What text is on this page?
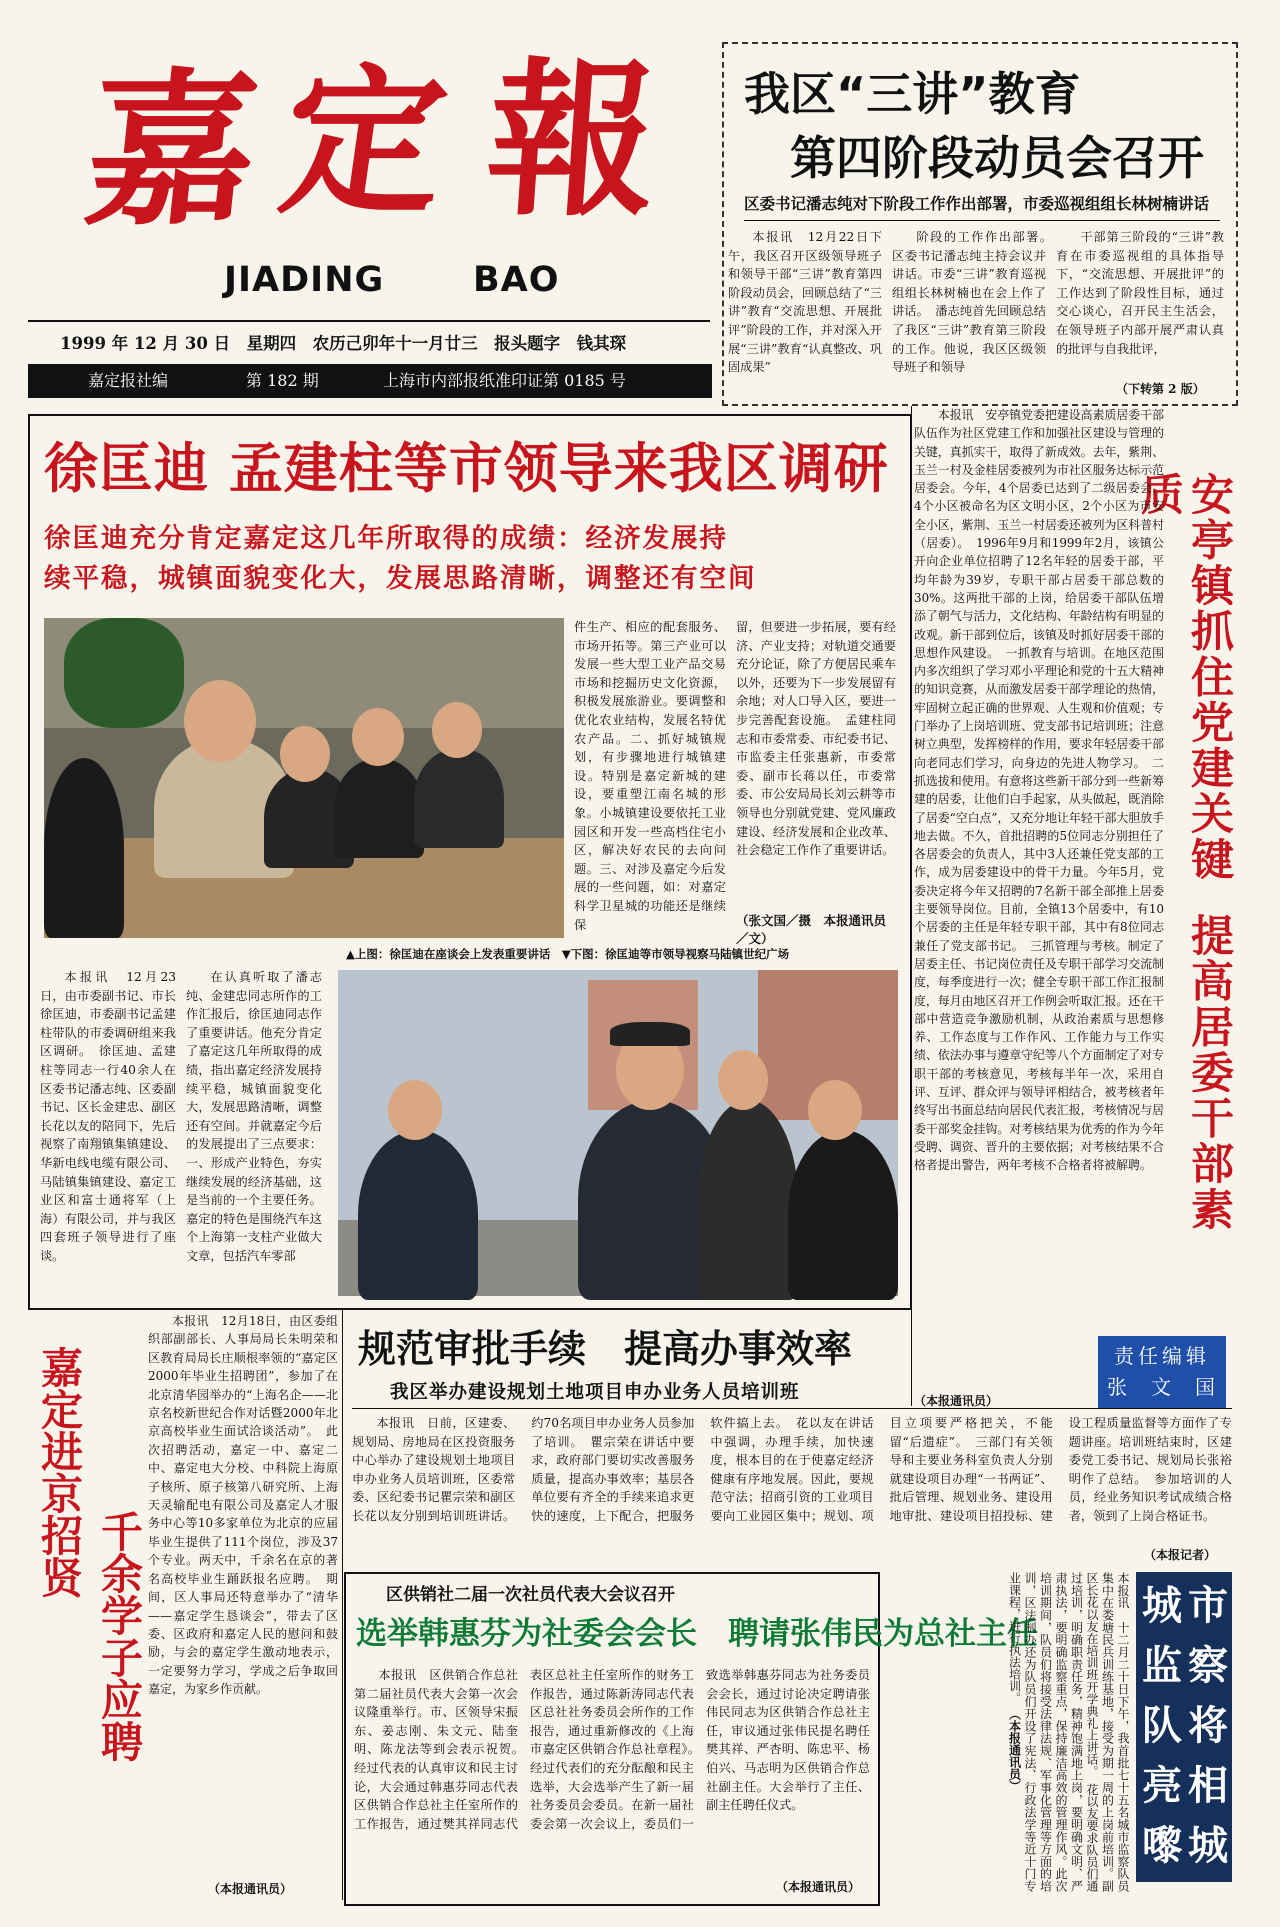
嘉 定 報
JIADING	BAO
1999 年 12 月 30 日　星期四　农历己卯年十一月廿三　报头题字　钱其琛
嘉定报社编	第 182 期	上海市内部报纸准印证第 0185 号
我区“三讲”教育
第四阶段动员会召开
区委书记潘志纯对下阶段工作作出部署，市委巡视组组长林树楠讲话

本报讯　12月22日下午，我区召开区级领导班子和领导干部“三讲”教育第四阶段动员会，回顾总结了“三讲”教育“交流思想、开展批评”阶段的工作，并对深入开展“三讲”教育“认真整改、巩固成果”

阶段的工作作出部署。　区委书记潘志纯主持会议并讲话。市委“三讲”教育巡视组组长林树楠也在会上作了讲话。　潘志纯首先回顾总结了我区“三讲”教育第三阶段的工作。他说，我区区级领导班子和领导

干部第三阶段的“三讲”教育在市委巡视组的具体指导下，“交流思想、开展批评”的工作达到了阶段性目标，通过交心谈心，召开民主生活会，在领导班子内部开展严肃认真的批评与自我批评，

（下转第 2 版）
徐匡迪 孟建柱等市领导来我区调研
徐匡迪充分肯定嘉定这几年所取得的成绩：经济发展持
续平稳，城镇面貌变化大，发展思路清晰，调整还有空间

件生产、相应的配套服务、市场开拓等。第三产业可以发展一些大型工业产品交易市场和挖掘历史文化资源，积极发展旅游业。要调整和优化农业结构，发展名特优农产品。二、抓好城镇规划，有步骤地进行城镇建设。特别是嘉定新城的建设，要重塑江南名城的形象。小城镇建设要依托工业园区和开发一些高档住宅小区，解决好农民的去向问题。三、对涉及嘉定今后发展的一些问题，如：对嘉定科学卫星城的功能还是继续保

留，但要进一步拓展，要有经济、产业支持；对轨道交通要充分论证，除了方便居民乘车以外，还要为下一步发展留有余地；对人口导入区，要进一步完善配套设施。　孟建柱同志和市委常委、市纪委书记、市监委主任张惠新，市委常委、副市长蒋以任，市委常委、市公安局局长刘云耕等市领导也分别就党建、党风廉政建设、经济发展和企业改革、社会稳定工作作了重要讲话。

（张文国／摄　本报通讯员／文）
▲上图：徐匡迪在座谈会上发表重要讲话　▼下图：徐匡迪等市领导视察马陆镇世纪广场

本报讯　12月23日，由市委副书记、市长徐匡迪，市委副书记孟建柱带队的市委调研组来我区调研。　徐匡迪、孟建柱等同志一行40余人在区委书记潘志纯、区委副书记、区长金建忠、副区长花以友的陪同下，先后视察了南翔镇集镇建设、华新电线电缆有限公司、马陆镇集镇建设、嘉定工业区和富士通将军（上海）有限公司，并与我区四套班子领导进行了座谈。

在认真听取了潘志纯、金建忠同志所作的工作汇报后，徐匡迪同志作了重要讲话。他充分肯定了嘉定这几年所取得的成绩，指出嘉定经济发展持续平稳，城镇面貌变化大，发展思路清晰，调整还有空间。并就嘉定今后的发展提出了三点要求：一、形成产业特色，夯实继续发展的经济基础，这是当前的一个主要任务。嘉定的特色是围绕汽车这个上海第一支柱产业做大文章，包括汽车零部

安亭镇抓住党建关键提高居委干部素质

本报讯　安亭镇党委把建设高素质居委干部队伍作为社区党建工作和加强社区建设与管理的关键，真抓实干，取得了新成效。去年，紫荆、玉兰一村及金桂居委被列为市社区服务达标示范居委会。今年，4个居委已达到了二级居委会，4个小区被命名为区文明小区，2个小区为市安全小区，紫荆、玉兰一村居委还被列为区科普村（居委）。　1996年9月和1999年2月，该镇公开向企业单位招聘了12名年轻的居委干部，平均年龄为39岁，专职干部占居委干部总数的30%。这两批干部的上岗，给居委干部队伍增添了朝气与活力，文化结构、年龄结构有明显的改观。新干部到位后，该镇及时抓好居委干部的思想作风建设。　一抓教育与培训。在地区范围内多次组织了学习邓小平理论和党的十五大精神的知识竞赛，从而激发居委干部学理论的热情，牢固树立起正确的世界观、人生观和价值观；专门举办了上岗培训班、党支部书记培训班；注意树立典型，发挥榜样的作用，要求年轻居委干部向老同志们学习，向身边的先进人物学习。　二抓选拔和使用。有意将这些新干部分到一些新筹建的居委，让他们白手起家，从头做起，既消除了居委“空白点”，又充分地让年轻干部大胆放手地去做。不久，首批招聘的5位同志分别担任了各居委会的负责人，其中3人还兼任党支部的工作，成为居委建设中的骨干力量。今年5月，党委决定将今年又招聘的7名新干部全部推上居委主要领导岗位。目前，全镇13个居委中，有10个居委的主任是年轻专职干部，其中有8位同志兼任了党支部书记。　三抓管理与考核。制定了居委主任、书记岗位责任及专职干部学习交流制度，每季度进行一次；健全专职干部工作汇报制度，每月由地区召开工作例会听取汇报。还在干部中营造竞争激励机制，从政治素质与思想修养、工作态度与工作作风、工作能力与工作实绩、依法办事与遵章守纪等八个方面制定了对专职干部的考核意见，考核每半年一次，采用自评、互评、群众评与领导评相结合，被考核者年终写出书面总结向居民代表汇报，考核情况与居委干部奖金挂钩。对考核结果为优秀的作为今年受聘、调资、晋升的主要依据；对考核结果不合格者提出警告，两年考核不合格者将被解聘。

（本报通讯员）
责任编辑
张　文　国
嘉定进京招贤
千余学子应聘

本报讯　12月18日，由区委组织部副部长、人事局局长朱明荣和区教育局局长庄顺根率领的“嘉定区2000年毕业生招聘团”，参加了在北京清华园举办的“上海名企——北京名校新世纪合作对话暨2000年北京高校毕业生面试洽谈活动”。　此次招聘活动，嘉定一中、嘉定二中、嘉定电大分校、中科院上海原子核所、原子核第八研究所、上海天灵输配电有限公司及嘉定人才服务中心等10多家单位为北京的应届毕业生提供了111个岗位，涉及37个专业。两天中，千余名在京的著名高校毕业生踊跃报名应聘。　期间，区人事局还特意举办了“清华——嘉定学生恳谈会”，带去了区委、区政府和嘉定人民的慰问和鼓励，与会的嘉定学生激动地表示，一定要努力学习，学成之后争取回嘉定，为家乡作贡献。

（本报通讯员）
规范审批手续　提高办事效率
我区举办建设规划土地项目申办业务人员培训班

本报讯　日前，区建委、规划局、房地局在区投资服务中心举办了建设规划土地项目申办业务人员培训班，区委常委、区纪委书记瞿宗荣和副区长花以友分别到培训班讲话。约70名项目申办业务人员参加了培训。　瞿宗荣在讲话中要求，政府部门要切实改善服务质量，提高办事效率；基层各单位要有齐全的手续来追求更快的速度，上下配合，把服务软件搞上去。　花以友在讲话中强调，办理手续，加快速度，根本目的在于使嘉定经济健康有序地发展。因此，要规范守法；招商引资的工业项目要向工业园区集中；规划、项目立项要严格把关，不能留“后遗症”。　三部门有关领导和主要业务科室负责人分别就建设项目办理“一书两证”、批后管理、规划业务、建设用地审批、建设项目招投标、建设工程质量监督等方面作了专题讲座。培训班结束时，区建委党工委书记、规划局长张裕明作了总结。　参加培训的人员，经业务知识考试成绩合格者，领到了上岗合格证书。

（本报记者）
区供销社二届一次社员代表大会议召开
选举韩惠芬为社委会会长　聘请张伟民为总社主任

本报讯　区供销合作总社第二届社员代表大会第一次会议隆重举行。市、区领导宋振东、姜志刚、朱文元、陆奎明、陈龙法等到会表示祝贺。　经过代表的认真审议和民主讨论，大会通过韩惠芬同志代表区供销合作总社主任室所作的工作报告，通过樊其祥同志代表区总社主任室所作的财务工作报告，通过陈新涛同志代表区总社社务委员会所作的工作报告，通过重新修改的《上海市嘉定区供销合作总社章程》。　经过代表们的充分酝酿和民主选举，大会选举产生了新一届社务委员会委员。在新一届社委会第一次会议上，委员们一致选举韩惠芬同志为社务委员会会长，通过讨论决定聘请张伟民同志为区供销合作总社主任，审议通过张伟民提名聘任樊其祥、严杏明、陈忠平、杨伯兴、马志明为区供销合作总社副主任。大会举行了主任、副主任聘任仪式。

（本报通讯员）	本报讯　十二月二十日下午，我首批七十五名城市监察队员集中在娄塘民兵训练基地，接受为期一周的上岗前培训。副区长花以友在培训班开学典礼上讲话。　花以友要求队员们通过培训，明确职责任务，精神饱满地上岗，要明确文明、严肃执法，要明确监察重点，保持廉洁高效的管理作风。此次培训期间，队员们将接受法律法规、军事化管理等方面的培训，区法制办还为队员们开设了宪法、行政法学等近十门专业课程，进行执法培训。 （本报通讯员）
市
察
将
相
城
城
监
队
亮
嚟
